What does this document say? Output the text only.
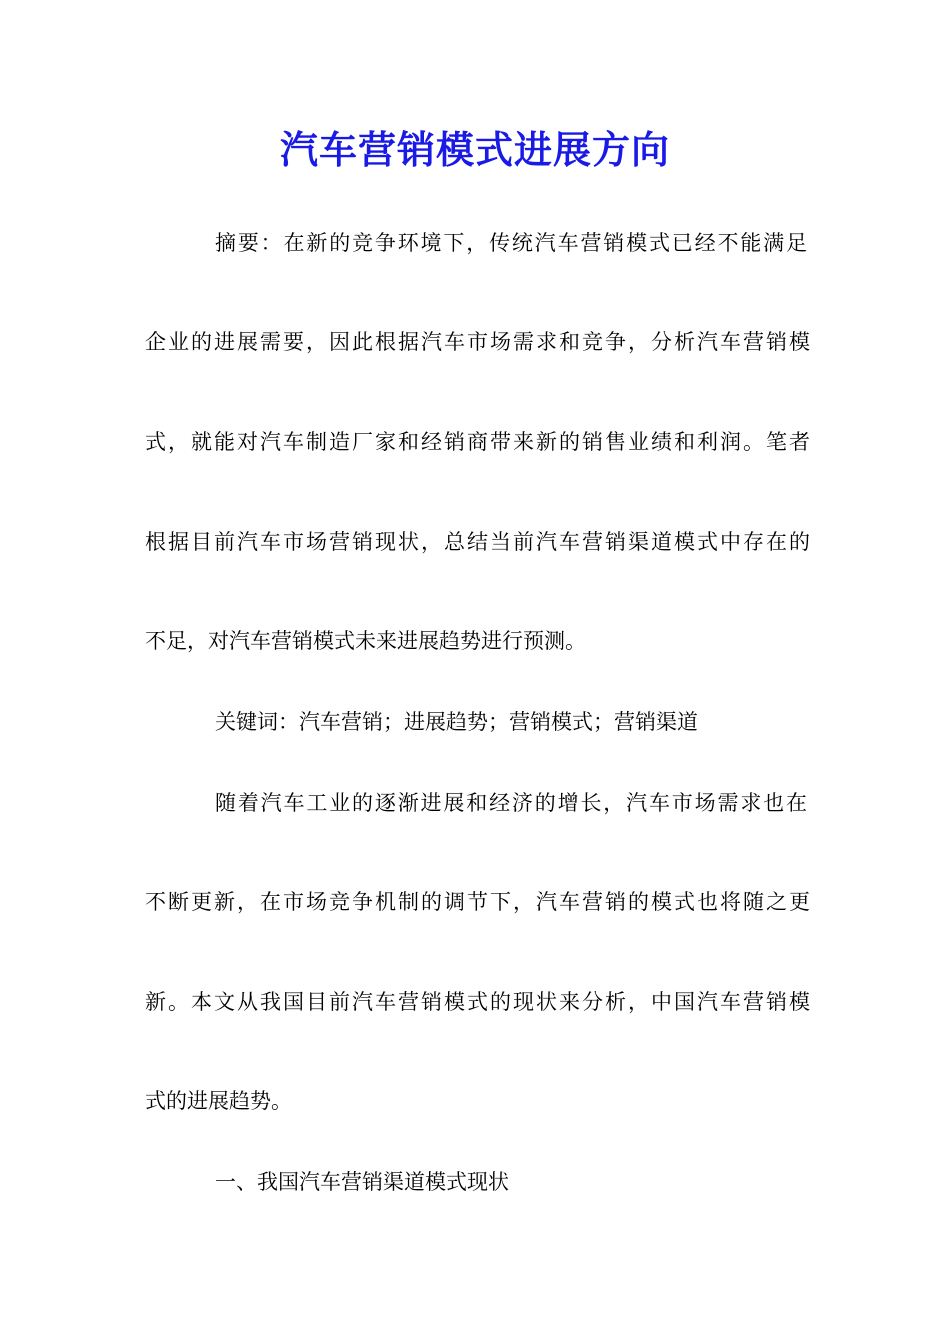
汽车营销模式进展方向

摘要：在新的竞争环境下，传统汽车营销模式已经不能满足

企业的进展需要，因此根据汽车市场需求和竞争，分析汽车营销模

式，就能对汽车制造厂家和经销商带来新的销售业绩和利润。笔者

根据目前汽车市场营销现状，总结当前汽车营销渠道模式中存在的

不足，对汽车营销模式未来进展趋势进行预测。

关键词：汽车营销；进展趋势；营销模式；营销渠道

随着汽车工业的逐渐进展和经济的增长，汽车市场需求也在

不断更新，在市场竞争机制的调节下，汽车营销的模式也将随之更

新。本文从我国目前汽车营销模式的现状来分析，中国汽车营销模

式的进展趋势。

一、我国汽车营销渠道模式现状
